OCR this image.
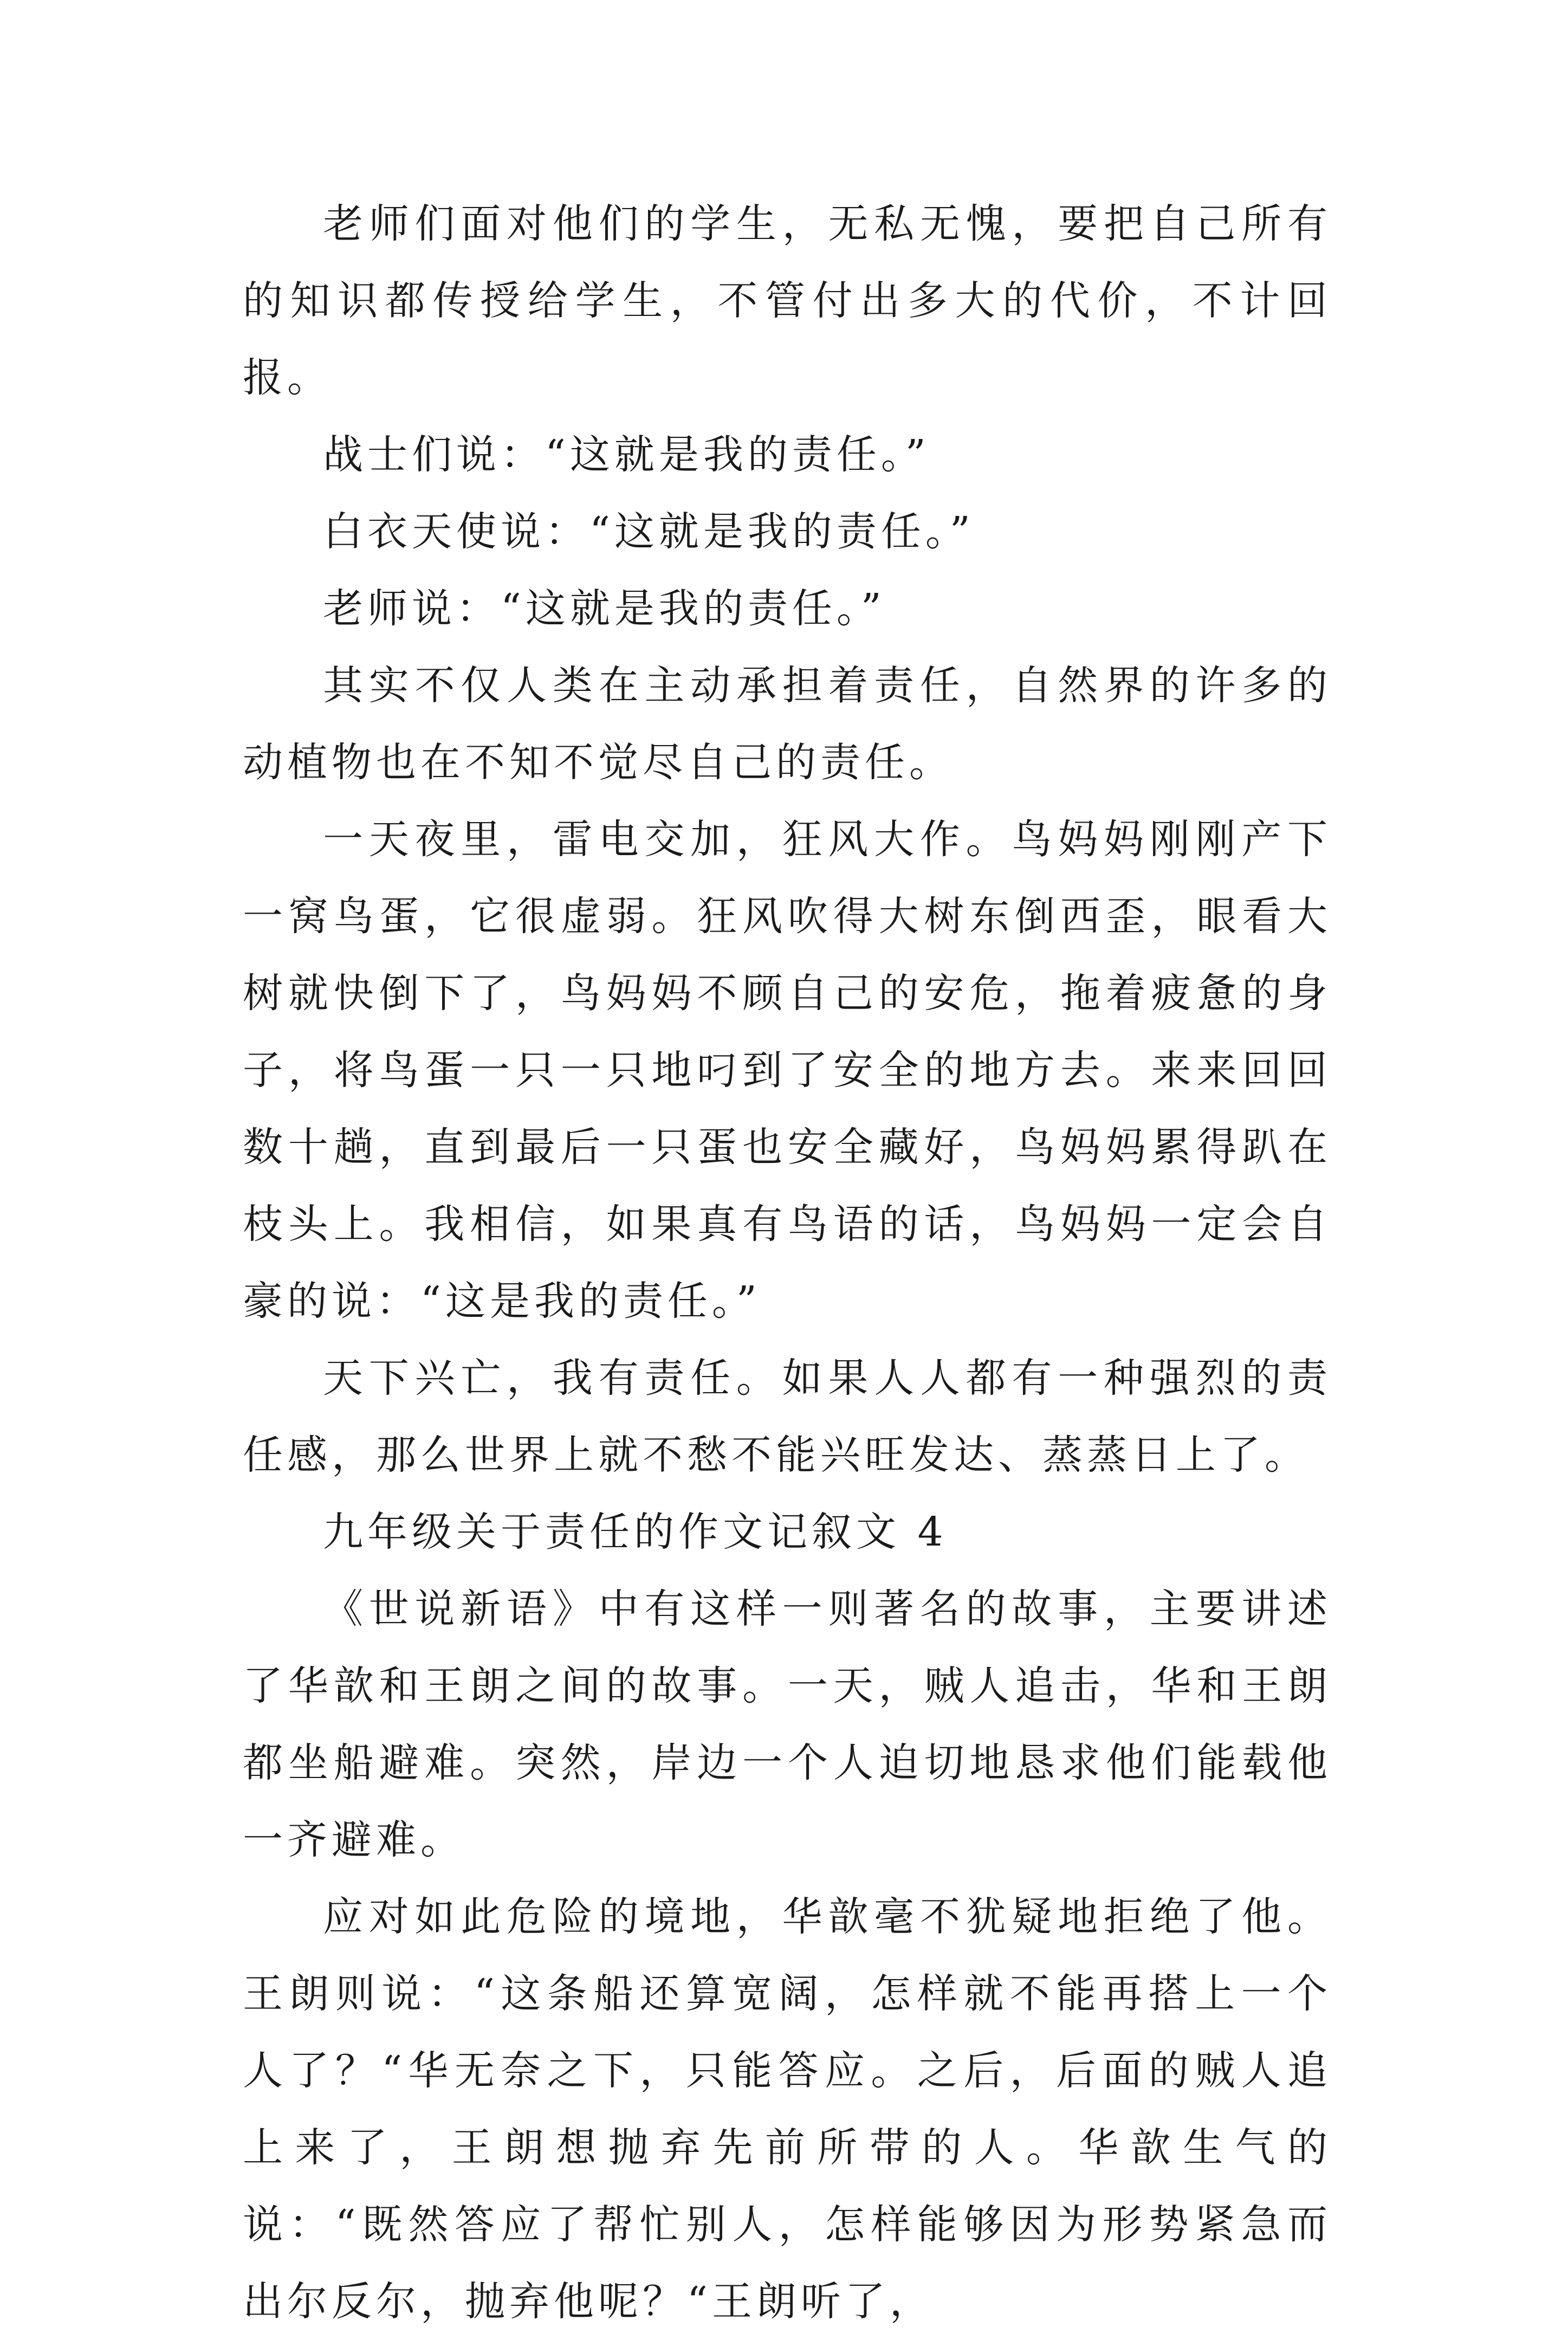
老师们面对他们的学生，无私无愧，要把自己所有的知识都传授给学生，不管付出多大的代价，不计回报。

战士们说：“这就是我的责任。”

白衣天使说：“这就是我的责任。”

老师说：“这就是我的责任。”

其实不仅人类在主动承担着责任，自然界的许多的动植物也在不知不觉尽自己的责任。

一天夜里，雷电交加，狂风大作。鸟妈妈刚刚产下一窝鸟蛋，它很虚弱。狂风吹得大树东倒西歪，眼看大树就快倒下了，鸟妈妈不顾自己的安危，拖着疲惫的身子，将鸟蛋一只一只地叼到了安全的地方去。来来回回数十趟，直到最后一只蛋也安全藏好，鸟妈妈累得趴在枝头上。我相信，如果真有鸟语的话，鸟妈妈一定会自豪的说：“这是我的责任。”

天下兴亡，我有责任。如果人人都有一种强烈的责任感，那么世界上就不愁不能兴旺发达、蒸蒸日上了。

九年级关于责任的作文记叙文 4

《世说新语》中有这样一则著名的故事，主要讲述了华歆和王朗之间的故事。一天，贼人追击，华和王朗都坐船避难。突然，岸边一个人迫切地恳求他们能载他一齐避难。

应对如此危险的境地，华歆毫不犹疑地拒绝了他。王朗则说：“这条船还算宽阔，怎样就不能再搭上一个人了？“华无奈之下，只能答应。之后，后面的贼人追上来了，王朗想抛弃先前所带的人。华歆生气的说：“既然答应了帮忙别人，怎样能够因为形势紧急而出尔反尔，抛弃他呢？“王朗听了，
